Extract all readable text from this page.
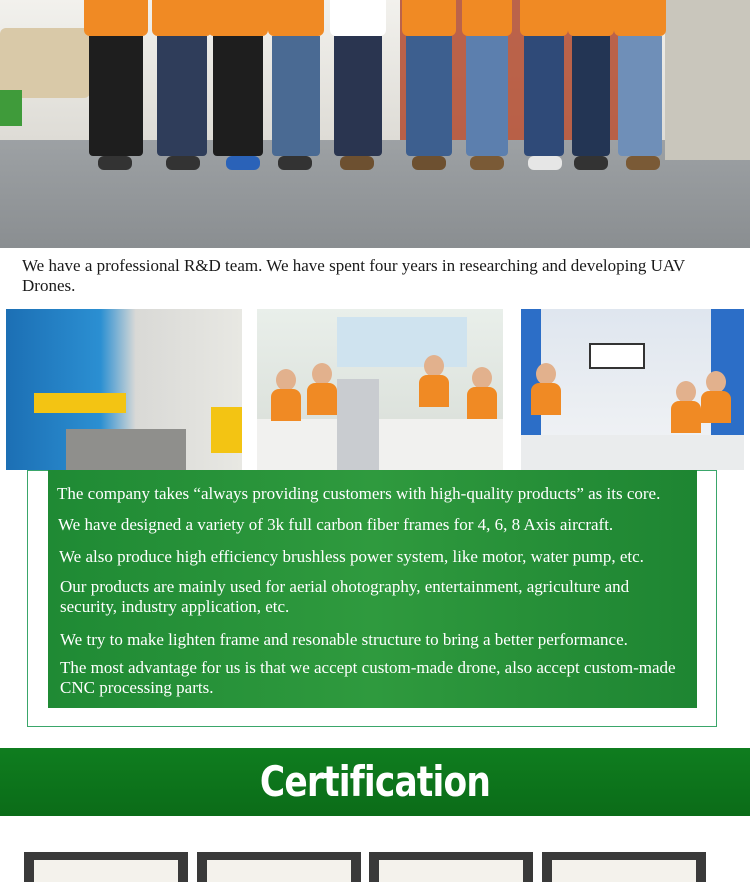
We have a professional R&D team. We have spent four years in researching and developing UAV Drones.

The company takes “always providing customers with high-quality products” as its core.

We have designed a variety of 3k full carbon fiber frames for 4, 6, 8 Axis aircraft.

We also produce high efficiency brushless power system, like motor, water pump, etc.

Our products are mainly used for aerial ohotography, entertainment, agriculture and security, industry application, etc.

We try to make lighten frame and resonable structure to bring a better performance.

The most advantage for us is that we accept custom-made drone, also accept custom-made CNC processing parts.

Certification
